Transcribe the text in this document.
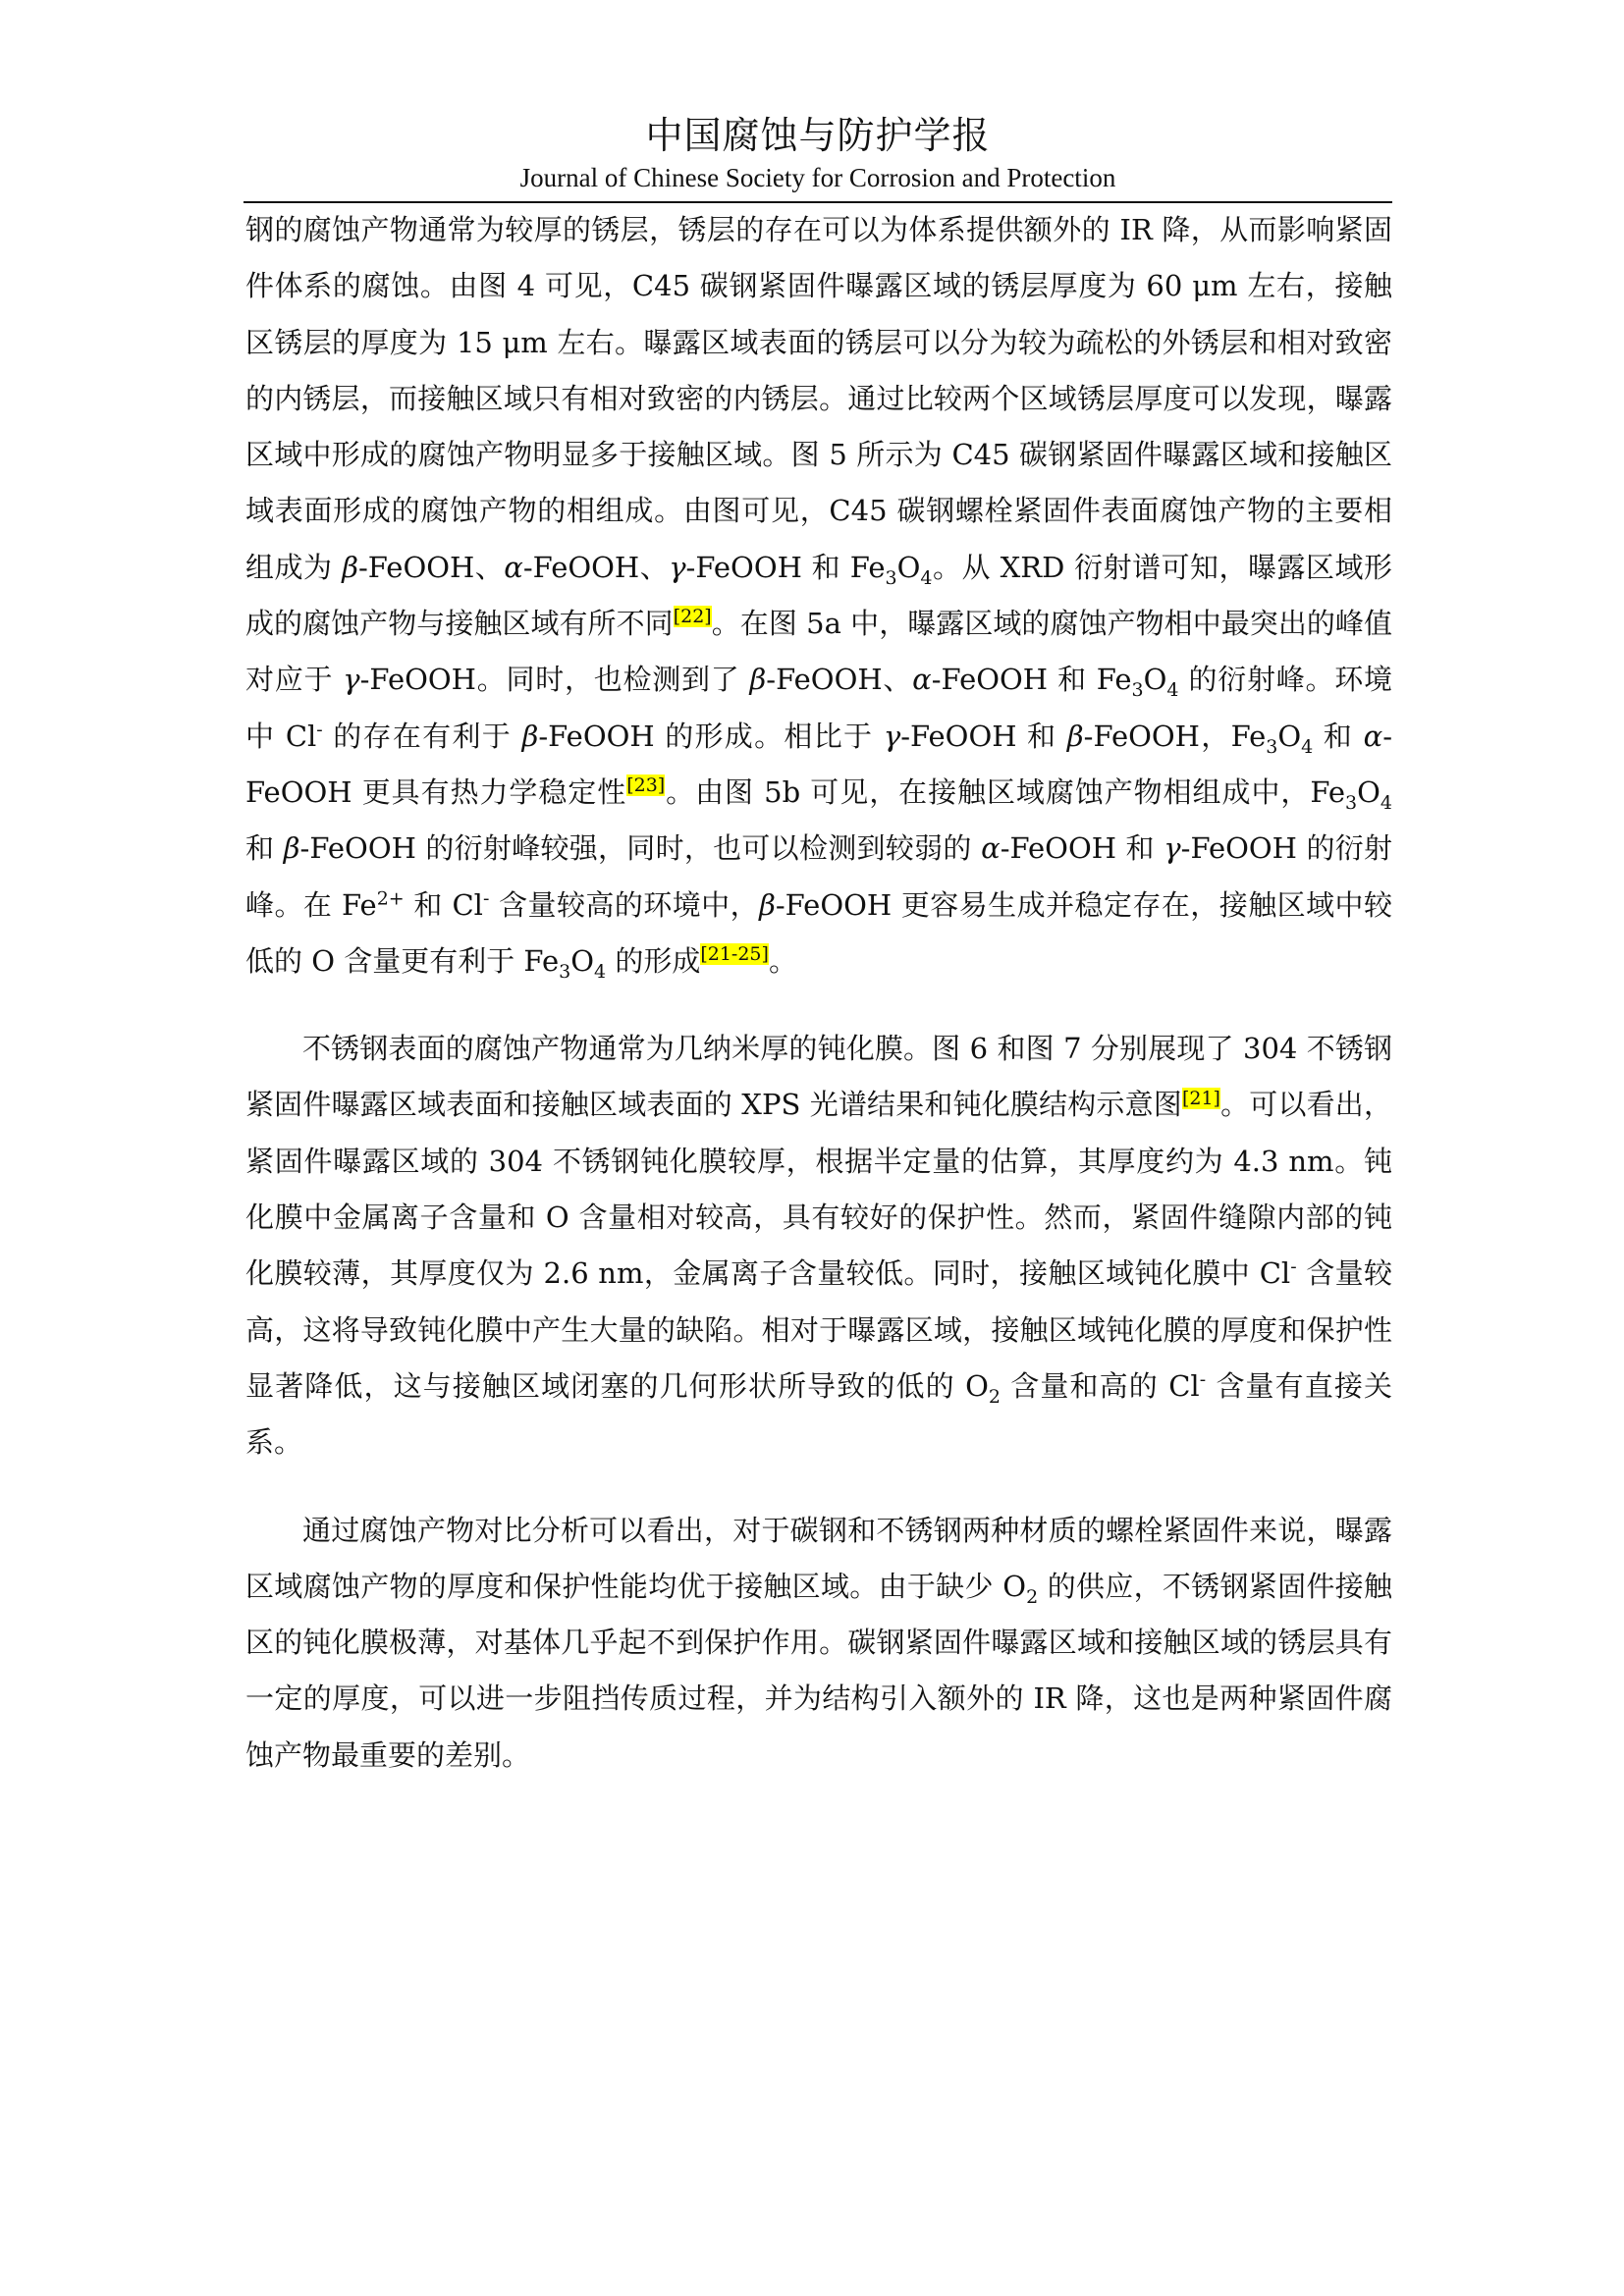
中国腐蚀与防护学报
Journal of Chinese Society for Corrosion and Protection

钢的腐蚀产物通常为较厚的锈层，锈层的存在可以为体系提供额外的 IR 降，从而影响紧固件体系的腐蚀。由图 4 可见，C45 碳钢紧固件曝露区域的锈层厚度为 60 μm 左右，接触区锈层的厚度为 15 μm 左右。曝露区域表面的锈层可以分为较为疏松的外锈层和相对致密的内锈层，而接触区域只有相对致密的内锈层。通过比较两个区域锈层厚度可以发现，曝露区域中形成的腐蚀产物明显多于接触区域。图 5 所示为 C45 碳钢紧固件曝露区域和接触区域表面形成的腐蚀产物的相组成。由图可见，C45 碳钢螺栓紧固件表面腐蚀产物的主要相组成为 β-FeOOH、α-FeOOH、γ-FeOOH 和 $Fe_3O_4$。从 XRD 衍射谱可知，曝露区域形成的腐蚀产物与接触区域有所不同[22]。在图 5a 中，曝露区域的腐蚀产物相中最突出的峰值对应于 γ-FeOOH。同时，也检测到了 β-FeOOH、α-FeOOH 和 $Fe_3O_4$ 的衍射峰。环境中 Cl- 的存在有利于 β-FeOOH 的形成。相比于 γ-FeOOH 和 β-FeOOH，$Fe_3O_4$ 和 α-FeOOH 更具有热力学稳定性[23]。由图 5b 可见，在接触区域腐蚀产物相组成中，$Fe_3O_4$ 和 β-FeOOH 的衍射峰较强，同时，也可以检测到较弱的 α-FeOOH 和 γ-FeOOH 的衍射峰。在 $Fe^{2+}$ 和 Cl- 含量较高的环境中，β-FeOOH 更容易生成并稳定存在，接触区域中较低的 O 含量更有利于 $Fe_3O_4$ 的形成[21-25]。

不锈钢表面的腐蚀产物通常为几纳米厚的钝化膜。图 6 和图 7 分别展现了 304 不锈钢紧固件曝露区域表面和接触区域表面的 XPS 光谱结果和钝化膜结构示意图[21]。可以看出，紧固件曝露区域的 304 不锈钢钝化膜较厚，根据半定量的估算，其厚度约为 4.3 nm。钝化膜中金属离子含量和 O 含量相对较高，具有较好的保护性。然而，紧固件缝隙内部的钝化膜较薄，其厚度仅为 2.6 nm，金属离子含量较低。同时，接触区域钝化膜中 Cl- 含量较高，这将导致钝化膜中产生大量的缺陷。相对于曝露区域，接触区域钝化膜的厚度和保护性显著降低，这与接触区域闭塞的几何形状所导致的低的 $O_2$ 含量和高的 Cl- 含量有直接关系。

通过腐蚀产物对比分析可以看出，对于碳钢和不锈钢两种材质的螺栓紧固件来说，曝露区域腐蚀产物的厚度和保护性能均优于接触区域。由于缺少 $O_2$ 的供应，不锈钢紧固件接触区的钝化膜极薄，对基体几乎起不到保护作用。碳钢紧固件曝露区域和接触区域的锈层具有一定的厚度，可以进一步阻挡传质过程，并为结构引入额外的 IR 降，这也是两种紧固件腐蚀产物最重要的差别。
